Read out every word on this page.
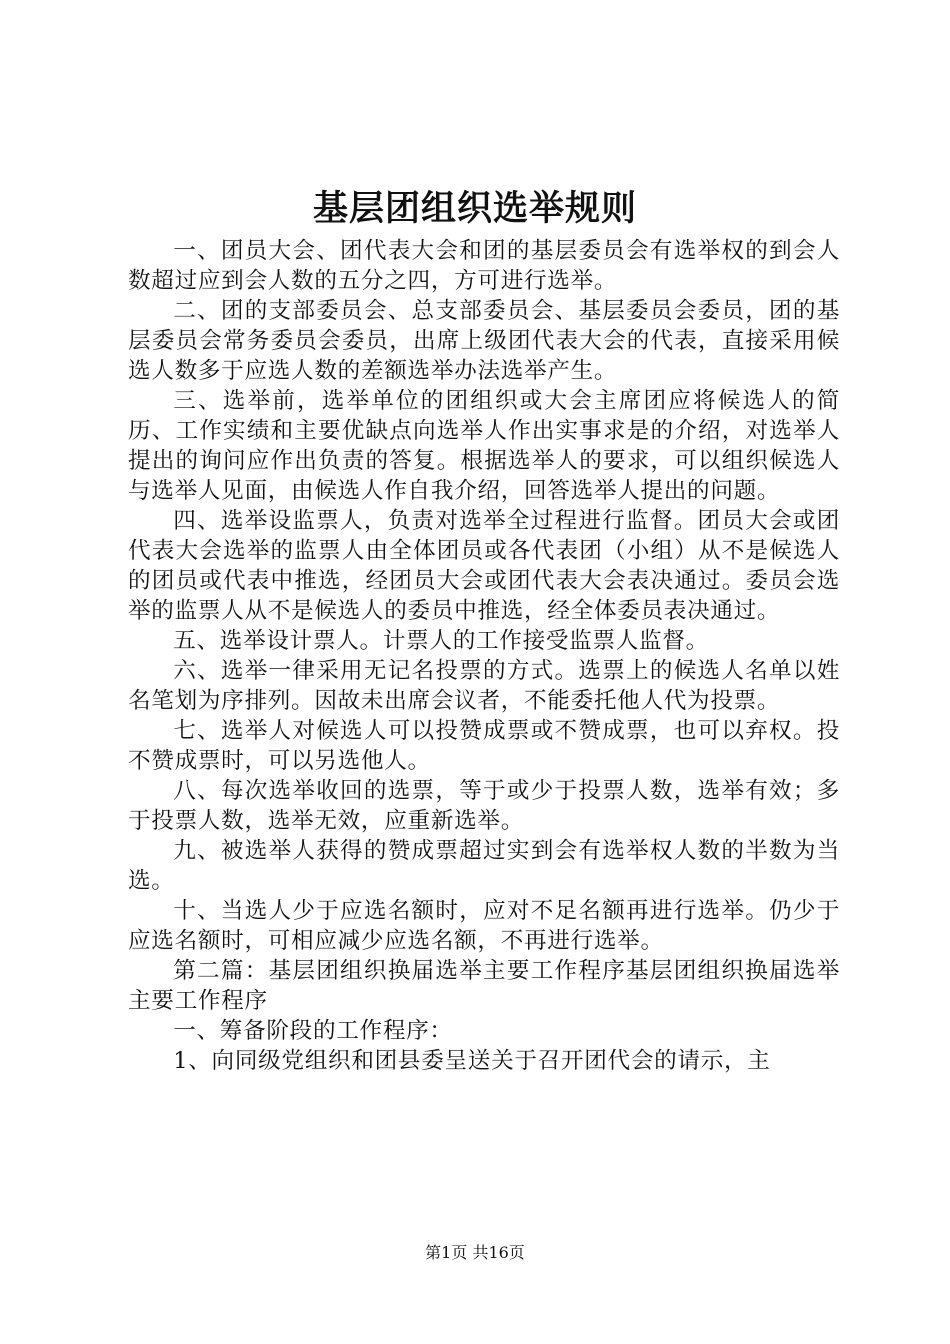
基层团组织选举规则

一、团员大会、团代表大会和团的基层委员会有选举权的到会人数超过应到会人数的五分之四，方可进行选举。

二、团的支部委员会、总支部委员会、基层委员会委员，团的基层委员会常务委员会委员，出席上级团代表大会的代表，直接采用候选人数多于应选人数的差额选举办法选举产生。

三、选举前，选举单位的团组织或大会主席团应将候选人的简历、工作实绩和主要优缺点向选举人作出实事求是的介绍，对选举人提出的询问应作出负责的答复。根据选举人的要求，可以组织候选人与选举人见面，由候选人作自我介绍，回答选举人提出的问题。

四、选举设监票人，负责对选举全过程进行监督。团员大会或团代表大会选举的监票人由全体团员或各代表团（小组）从不是候选人的团员或代表中推选，经团员大会或团代表大会表决通过。委员会选举的监票人从不是候选人的委员中推选，经全体委员表决通过。

五、选举设计票人。计票人的工作接受监票人监督。

六、选举一律采用无记名投票的方式。选票上的候选人名单以姓名笔划为序排列。因故未出席会议者，不能委托他人代为投票。

七、选举人对候选人可以投赞成票或不赞成票，也可以弃权。投不赞成票时，可以另选他人。

八、每次选举收回的选票，等于或少于投票人数，选举有效；多于投票人数，选举无效，应重新选举。

九、被选举人获得的赞成票超过实到会有选举权人数的半数为当选。

十、当选人少于应选名额时，应对不足名额再进行选举。仍少于应选名额时，可相应减少应选名额，不再进行选举。

第二篇：基层团组织换届选举主要工作程序基层团组织换届选举主要工作程序

一、筹备阶段的工作程序：

1、向同级党组织和团县委呈送关于召开团代会的请示，主

第1页 共16页
